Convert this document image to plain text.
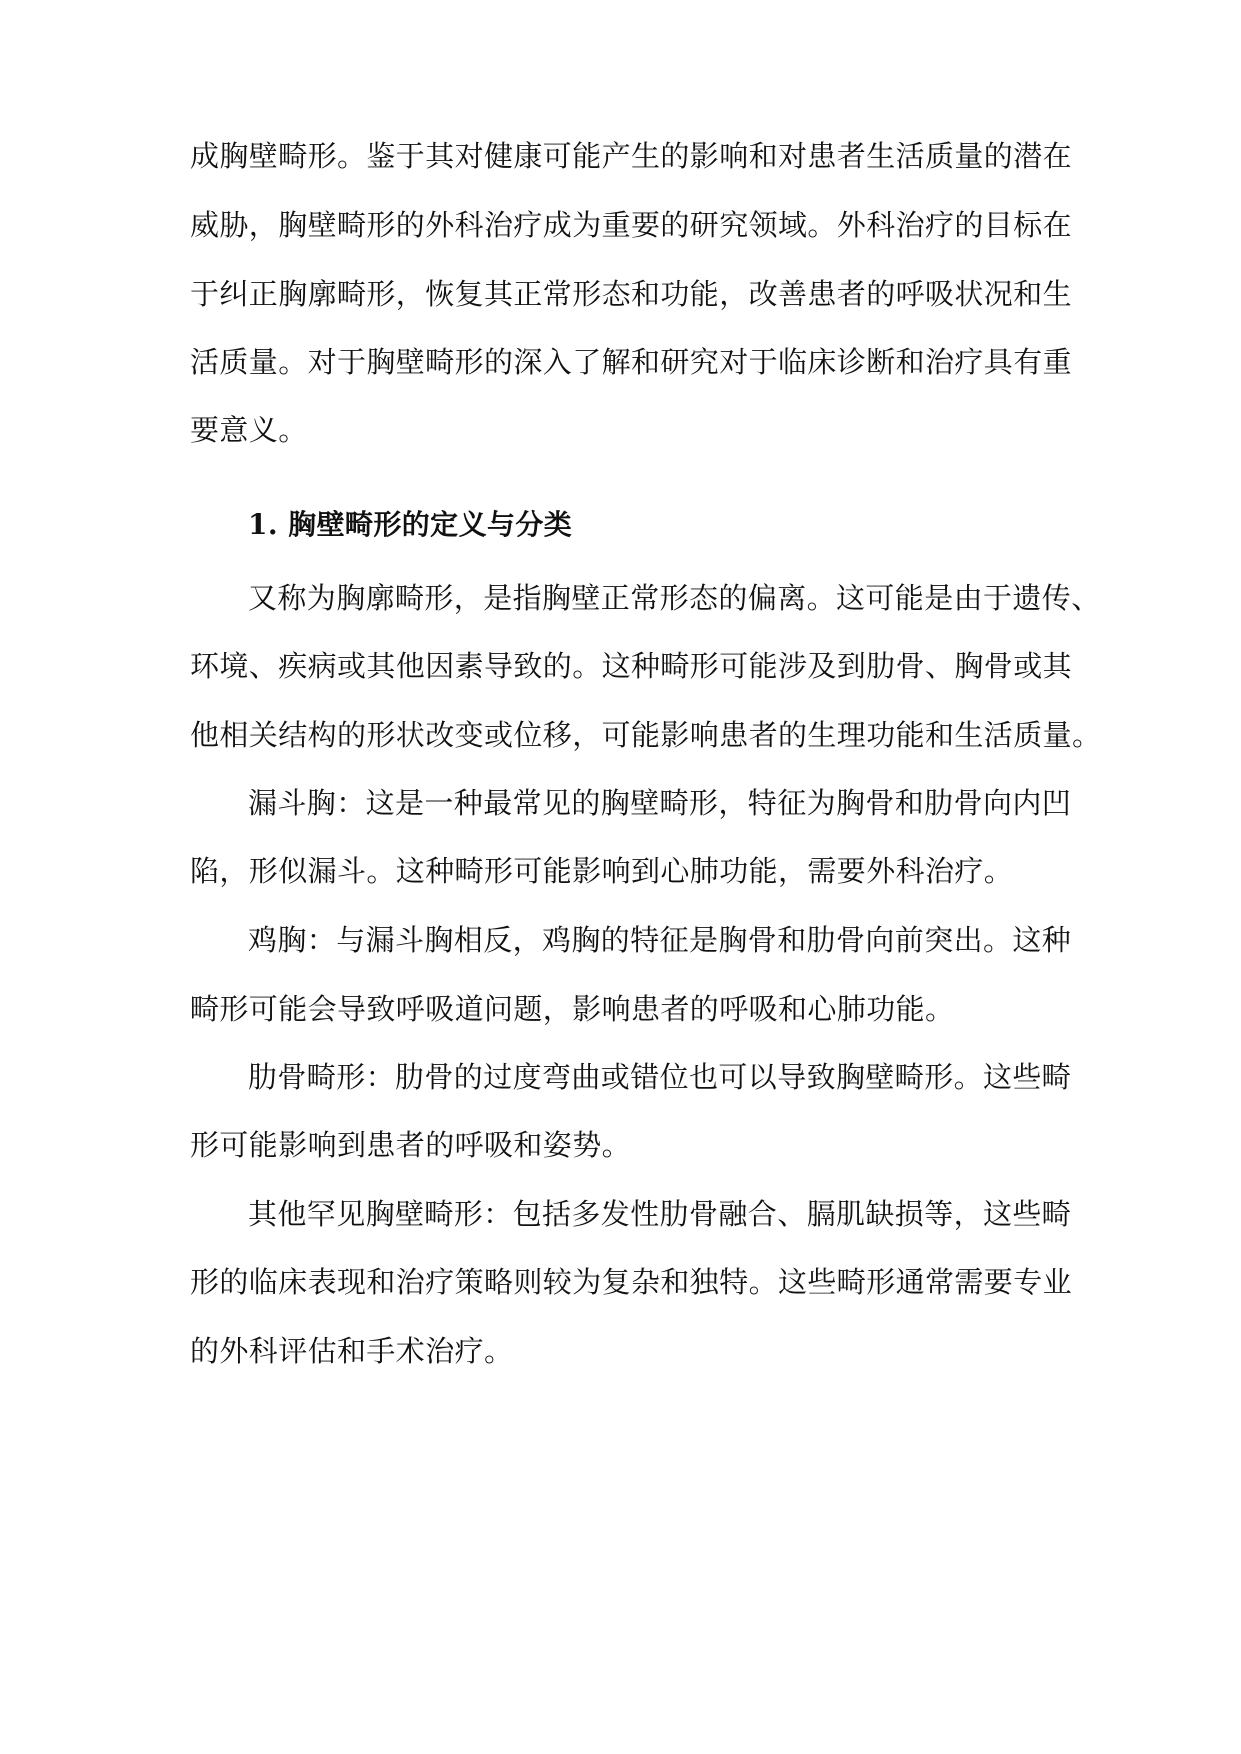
成胸壁畸形。鉴于其对健康可能产生的影响和对患者生活质量的潜在
威胁，胸壁畸形的外科治疗成为重要的研究领域。外科治疗的目标在
于纠正胸廓畸形，恢复其正常形态和功能，改善患者的呼吸状况和生
活质量。对于胸壁畸形的深入了解和研究对于临床诊断和治疗具有重
要意义。
1. 胸壁畸形的定义与分类
又称为胸廓畸形，是指胸壁正常形态的偏离。这可能是由于遗传、
环境、疾病或其他因素导致的。这种畸形可能涉及到肋骨、胸骨或其
他相关结构的形状改变或位移，可能影响患者的生理功能和生活质量。
漏斗胸：这是一种最常见的胸壁畸形，特征为胸骨和肋骨向内凹
陷，形似漏斗。这种畸形可能影响到心肺功能，需要外科治疗。
鸡胸：与漏斗胸相反，鸡胸的特征是胸骨和肋骨向前突出。这种
畸形可能会导致呼吸道问题，影响患者的呼吸和心肺功能。
肋骨畸形：肋骨的过度弯曲或错位也可以导致胸壁畸形。这些畸
形可能影响到患者的呼吸和姿势。
其他罕见胸壁畸形：包括多发性肋骨融合、膈肌缺损等，这些畸
形的临床表现和治疗策略则较为复杂和独特。这些畸形通常需要专业
的外科评估和手术治疗。
